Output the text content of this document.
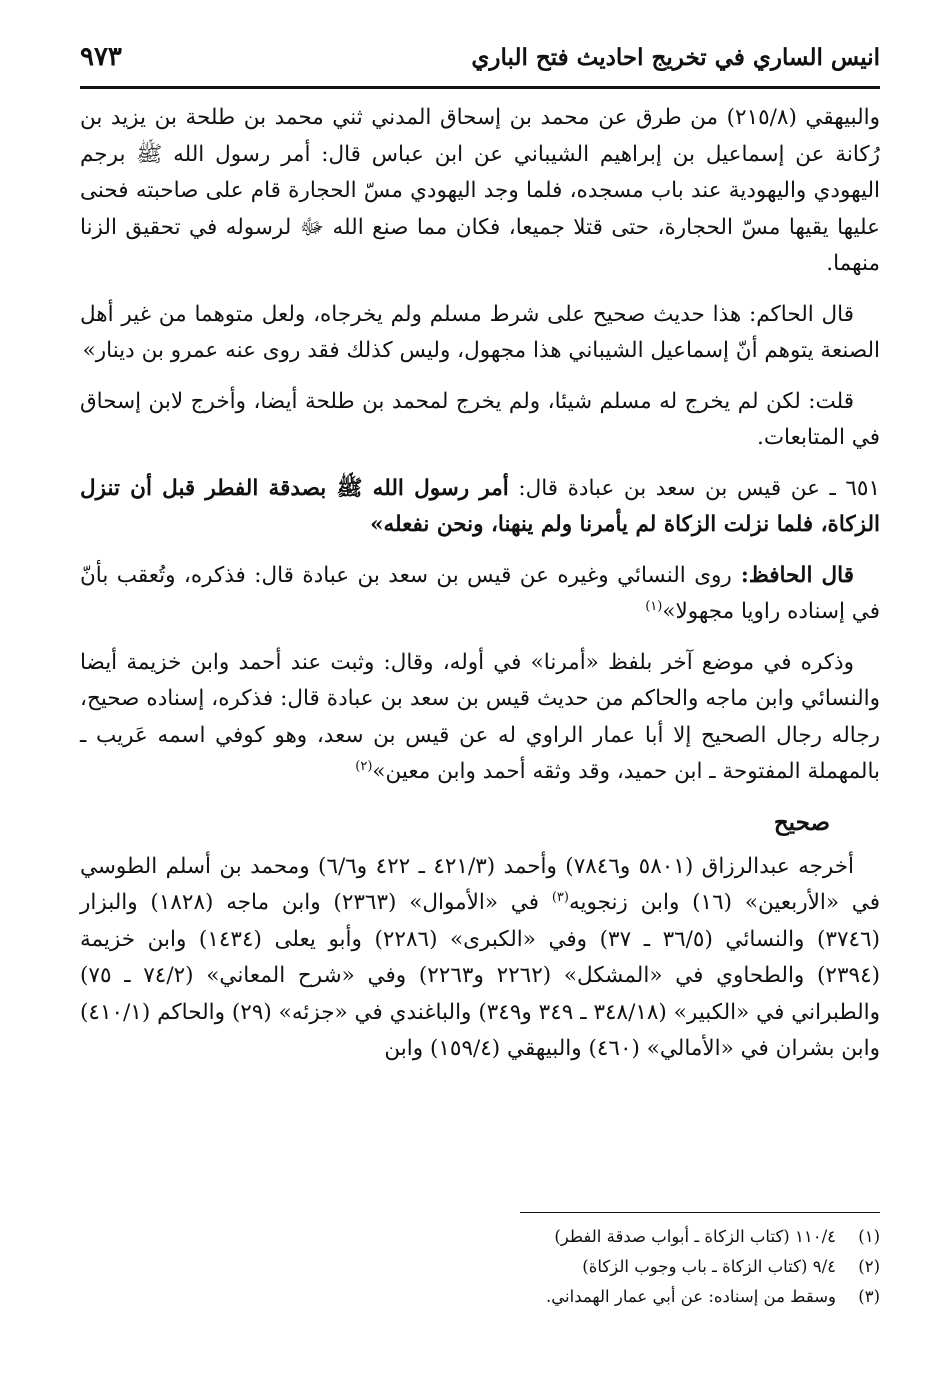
انيس الساري في تخريج احاديث فتح الباري
٩٧٣

والبيهقي (٢١٥/٨) من طرق عن محمد بن إسحاق المدني ثني محمد بن طلحة بن يزيد بن رُكانة عن إسماعيل بن إبراهيم الشيباني عن ابن عباس قال: أمر رسول الله ﷺ برجم اليهودي واليهودية عند باب مسجده، فلما وجد اليهودي مسّ الحجارة قام على صاحبته فحنى عليها يقيها مسّ الحجارة، حتى قتلا جميعا، فكان مما صنع الله ﷻ لرسوله في تحقيق الزنا منهما.

قال الحاكم: هذا حديث صحيح على شرط مسلم ولم يخرجاه، ولعل متوهما من غير أهل الصنعة يتوهم أنّ إسماعيل الشيباني هذا مجهول، وليس كذلك فقد روى عنه عمرو بن دينار»

قلت: لكن لم يخرج له مسلم شيئا، ولم يخرج لمحمد بن طلحة أيضا، وأخرج لابن إسحاق في المتابعات.

٦٥١ ـ عن قيس بن سعد بن عبادة قال: أمر رسول الله ﷺ بصدقة الفطر قبل أن تنزل الزكاة، فلما نزلت الزكاة لم يأمرنا ولم ينهنا، ونحن نفعله»

قال الحافظ: روى النسائي وغيره عن قيس بن سعد بن عبادة قال: فذكره، وتُعقب بأنّ في إسناده راويا مجهولا»$^{(١)}$

وذكره في موضع آخر بلفظ «أمرنا» في أوله، وقال: وثبت عند أحمد وابن خزيمة أيضا والنسائي وابن ماجه والحاكم من حديث قيس بن سعد بن عبادة قال: فذكره، إسناده صحيح، رجاله رجال الصحيح إلا أبا عمار الراوي له عن قيس بن سعد، وهو كوفي اسمه عَريب ـ بالمهملة المفتوحة ـ ابن حميد، وقد وثقه أحمد وابن معين»$^{(٢)}$

صحيح

أخرجه عبدالرزاق (٥٨٠١ و٧٨٤٦) وأحمد (٤٢١/٣ ـ ٤٢٢ و٦/٦) ومحمد بن أسلم الطوسي في «الأربعين» (١٦) وابن زنجويه$^{(٣)}$ في «الأموال» (٢٣٦٣) وابن ماجه (١٨٢٨) والبزار (٣٧٤٦) والنسائي (٣٦/٥ ـ ٣٧) وفي «الكبرى» (٢٢٨٦) وأبو يعلى (١٤٣٤) وابن خزيمة (٢٣٩٤) والطحاوي في «المشكل» (٢٢٦٢ و٢٢٦٣) وفي «شرح المعاني» (٧٤/٢ ـ ٧٥) والطبراني في «الكبير» (٣٤٨/١٨ ـ ٣٤٩ و٣٤٩) والباغندي في «جزئه» (٢٩) والحاكم (٤١٠/١) وابن بشران في «الأمالي» (٤٦٠) والبيهقي (١٥٩/٤) وابن

(١)١١٠/٤ (كتاب الزكاة ـ أبواب صدقة الفطر)
(٢)٩/٤ (كتاب الزكاة ـ باب وجوب الزكاة)
(٣)وسقط من إسناده: عن أبي عمار الهمداني.
